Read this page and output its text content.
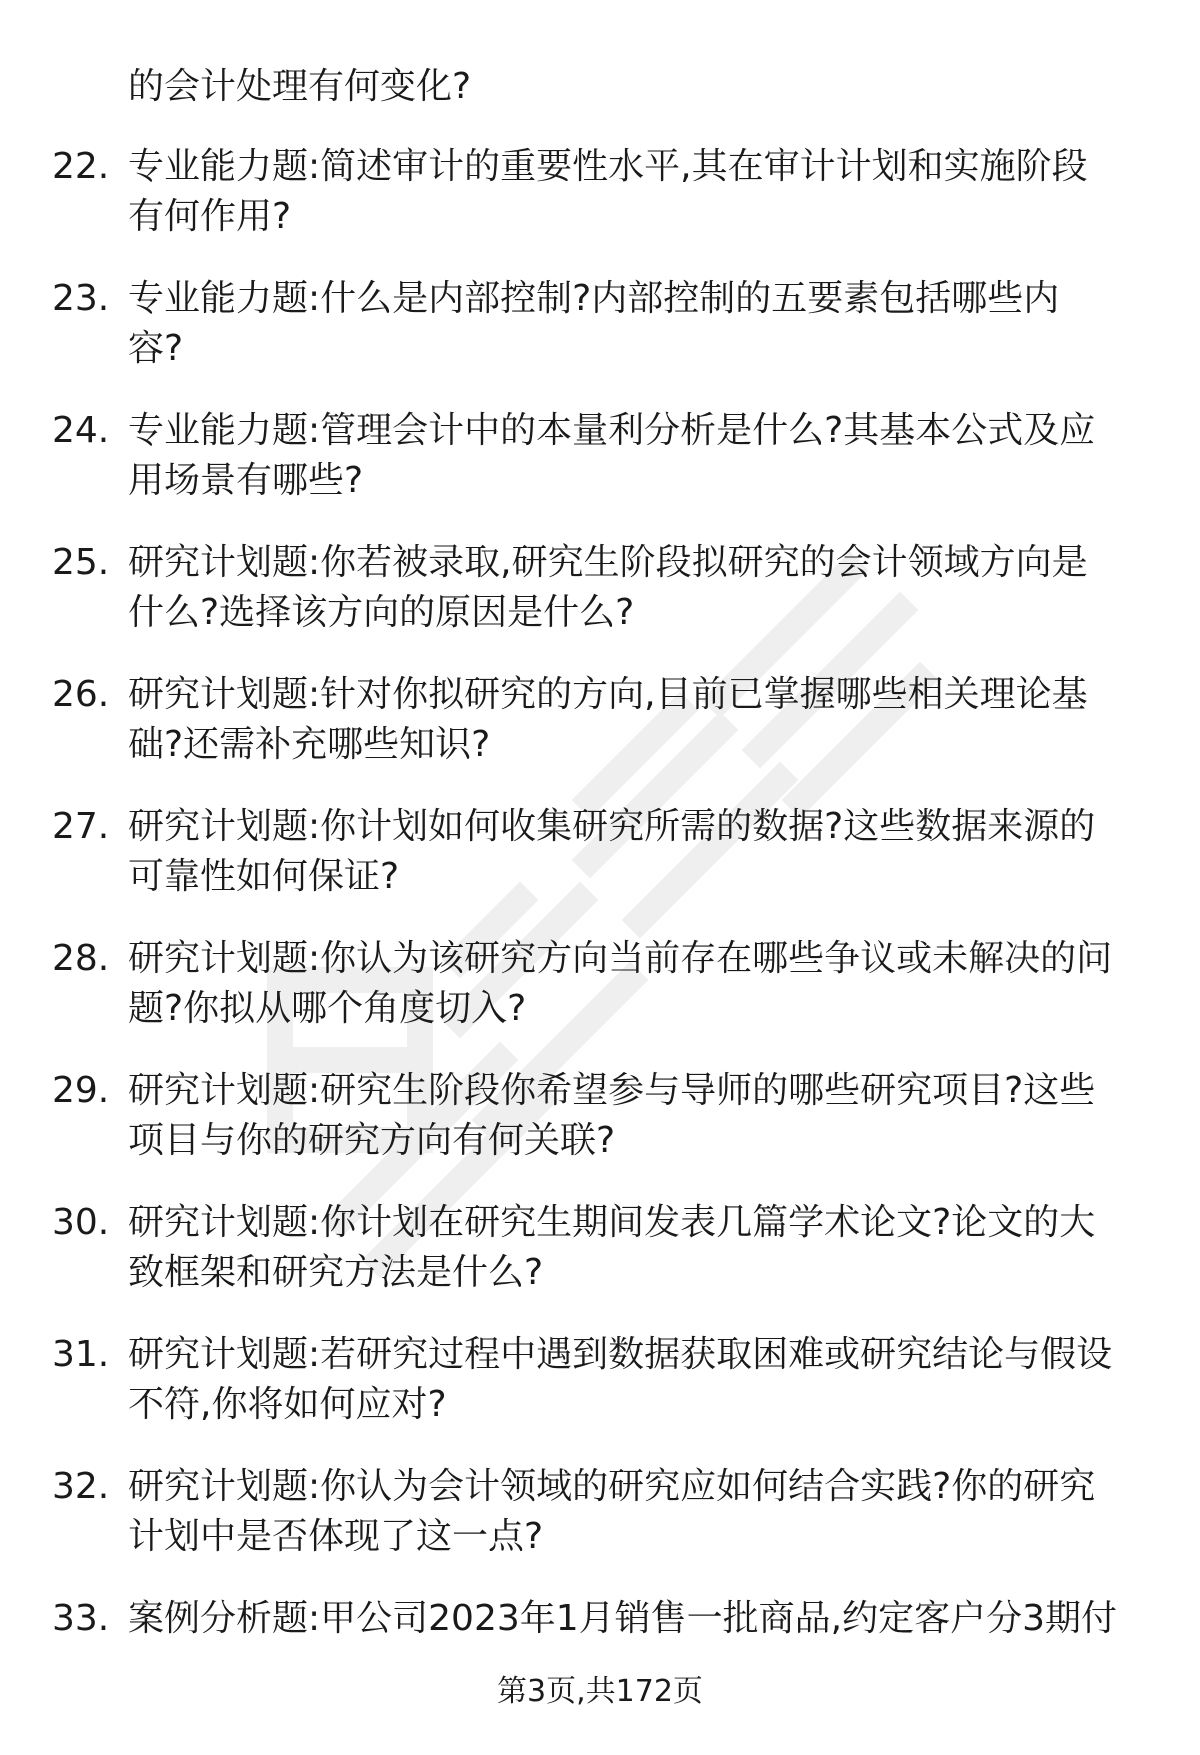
的会计处理有何变化?
22. 专业能力题:简述审计的重要性水平,其在审计计划和实施阶段
有何作用?
23. 专业能力题:什么是内部控制?内部控制的五要素包括哪些内
容?
24. 专业能力题:管理会计中的本量利分析是什么?其基本公式及应
用场景有哪些?
25. 研究计划题:你若被录取,研究生阶段拟研究的会计领域方向是
什么?选择该方向的原因是什么?
26. 研究计划题:针对你拟研究的方向,目前已掌握哪些相关理论基
础?还需补充哪些知识?
27. 研究计划题:你计划如何收集研究所需的数据?这些数据来源的
可靠性如何保证?
28. 研究计划题:你认为该研究方向当前存在哪些争议或未解决的问
题?你拟从哪个角度切入?
29. 研究计划题:研究生阶段你希望参与导师的哪些研究项目?这些
项目与你的研究方向有何关联?
30. 研究计划题:你计划在研究生期间发表几篇学术论文?论文的大
致框架和研究方法是什么?
31. 研究计划题:若研究过程中遇到数据获取困难或研究结论与假设
不符,你将如何应对?
32. 研究计划题:你认为会计领域的研究应如何结合实践?你的研究
计划中是否体现了这一点?
33. 案例分析题:甲公司2023年1月销售一批商品,约定客户分3期付
第3页,共172页
